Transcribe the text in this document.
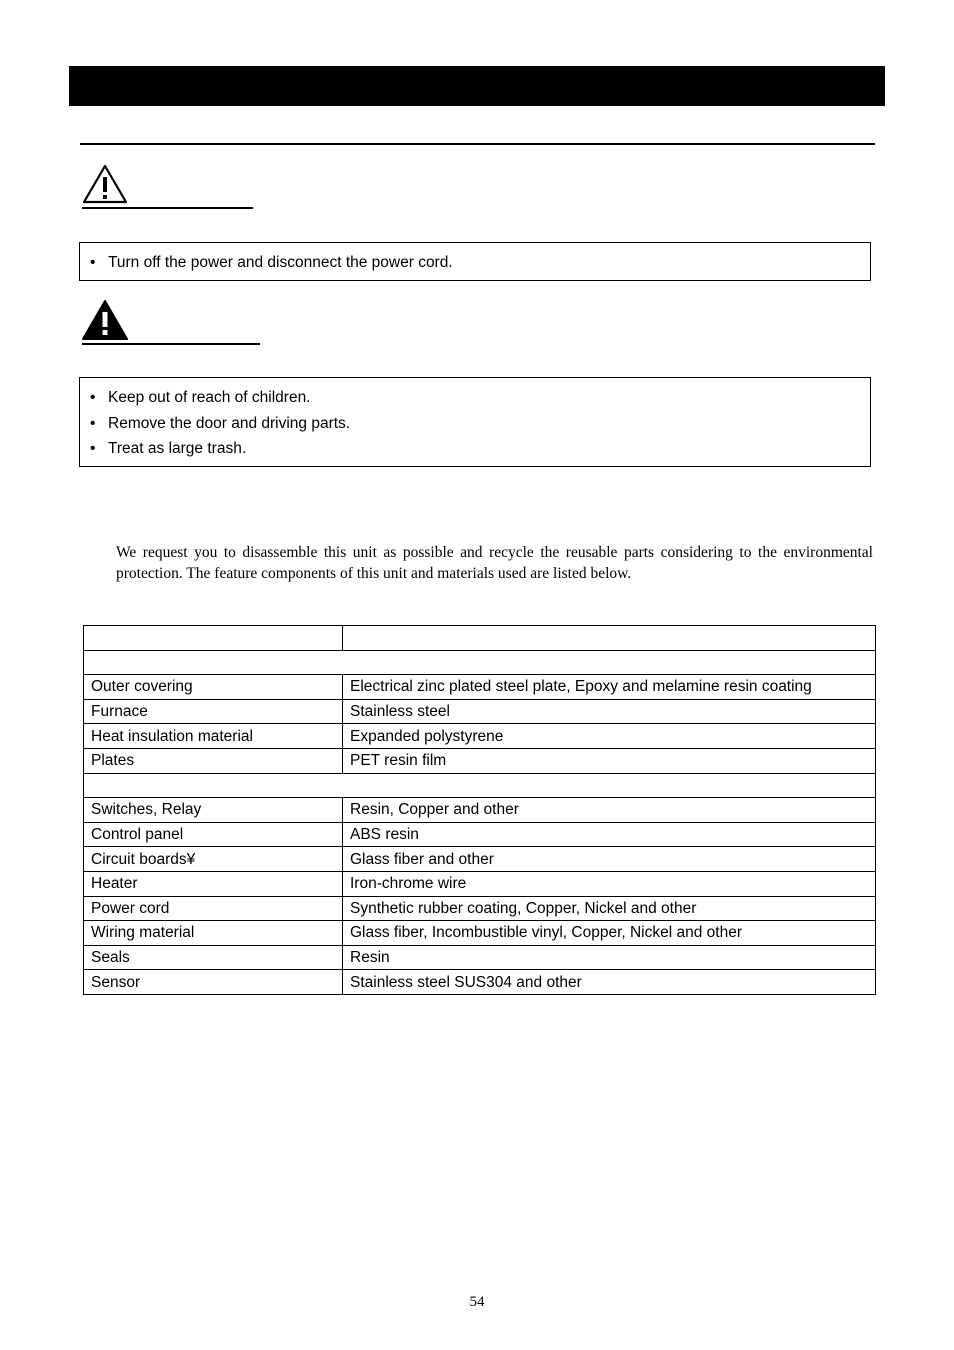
• Turn off the power and disconnect the power cord.
• Keep out of reach of children.
• Remove the door and driving parts.
• Treat as large trash.

We request you to disassemble this unit as possible and recycle the reusable parts considering to the environmental protection. The feature components of this unit and materials used are listed below.

Outer covering	Electrical zinc plated steel plate, Epoxy and melamine resin coating
Furnace	Stainless steel
Heat insulation material	Expanded polystyrene
Plates	PET resin film

Switches, Relay	Resin, Copper and other
Control panel	ABS resin
Circuit boards¥	Glass fiber and other
Heater	Iron-chrome wire
Power cord	Synthetic rubber coating, Copper, Nickel and other
Wiring material	Glass fiber, Incombustible vinyl, Copper, Nickel and other
Seals	Resin
Sensor	Stainless steel SUS304 and other
54
